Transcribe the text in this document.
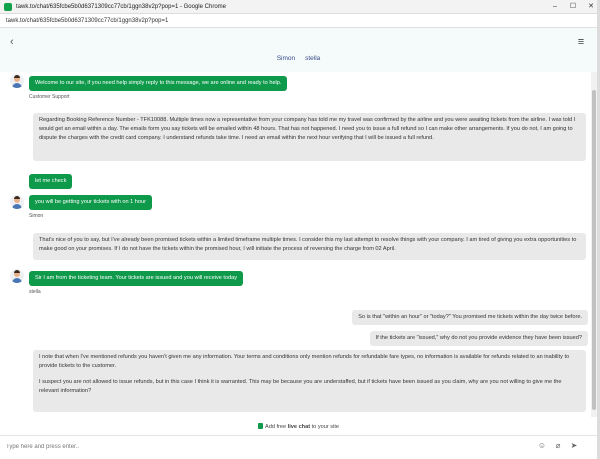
tawk.to/chat/635fcbe5b0d6371309cc77cb/1ggn38v2p?pop=1 - Google Chrome	–	☐	✕
tawk.to/chat/635fcbe5b0d6371309cc77cb/1ggn38v2p?pop=1
‹	≡
Simon stella
Welcome to our site, if you need help simply reply to this message, we are online and ready to help.
Customer Support
Regarding Booking Reference Number - TFK10088. Multiple times now a representative from your company has told me my travel was confirmed by the airline and you were awaiting tickets from the airline. I was told I would get an email within a day. The emails form you say tickets will be emailed within 48 hours. That has not happened. I need you to issue a full refund so I can make other arrangements. If you do not, I am going to dispute the charges with the credit card company. I understand refunds take time. I need an email within the next hour verifying that I will be issued a full refund.
let me check
you will be getting your tickets with on 1 hour
Simon
That's nice of you to say, but I've already been promised tickets within a limited timeframe multiple times. I consider this my last attempt to resolve things with your company. I am tired of giving you extra opportunities to make good on your promises. If I do not have the tickets within the promised hour, I will initiate the process of reversing the charge from 02 April.
Sir I am from the ticketing team. Your tickets are issued and you will receive today
stella
So is that "within an hour" or "today?" You promised me tickets within the day twice before.
If the tickets are "issued," why do not you provide evidence they have been issued?
I note that when I've mentioned refunds you haven't given me any information. Your terms and conditions only mention refunds for refundable fare types, no information is available for refunds related to an inability to provide tickets to the customer.
I suspect you are not allowed to issue refunds, but in this case I think it is warranted. This may be because you are understaffed, but if tickets have been issued as you claim, why are you not willing to give me the relevant information?
Add free live chat to your site
Type here and press enter..
☺	⌀	➤
